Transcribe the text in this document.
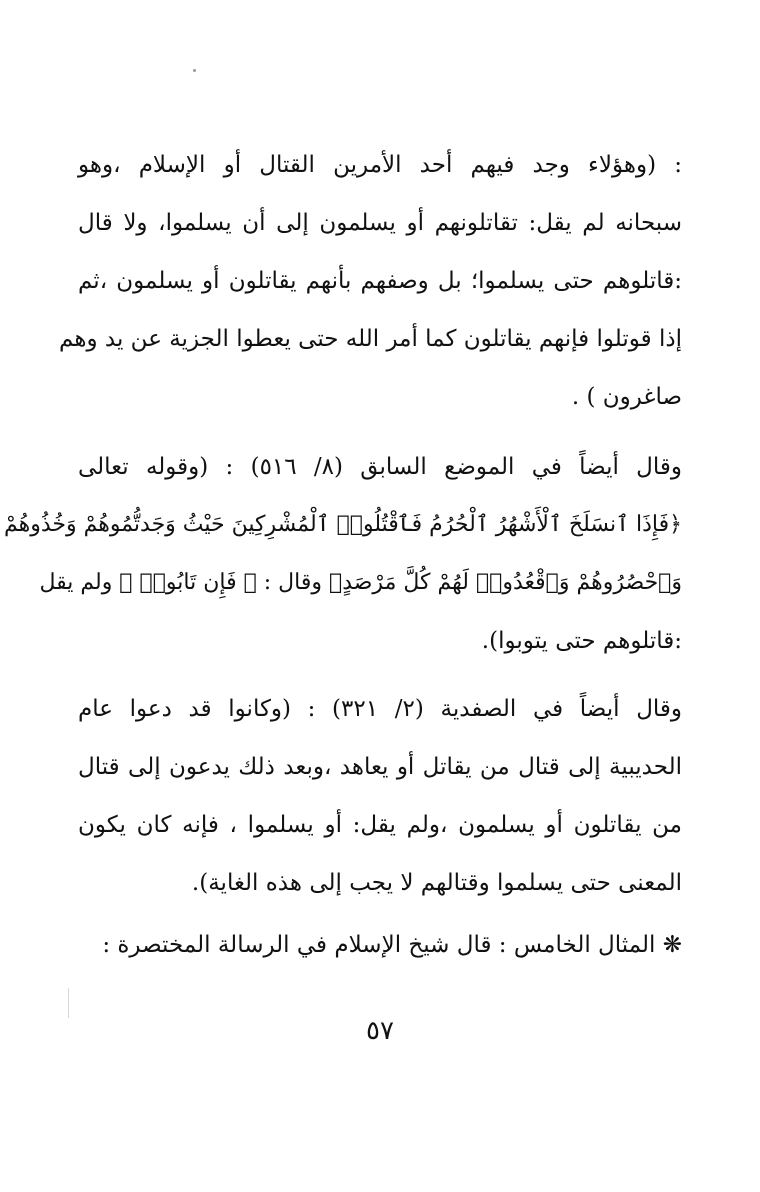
: (وهؤلاء وجد فيهم أحد الأمرين القتال أو الإسلام ،وهو
سبحانه لم يقل: تقاتلونهم أو يسلمون إلى أن يسلموا، ولا قال
:قاتلوهم حتى يسلموا؛ بل وصفهم بأنهم يقاتلون أو يسلمون ،ثم
إذا قوتلوا فإنهم يقاتلون كما أمر الله حتى يعطوا الجزية عن يد وهم
صاغرون ) .
وقال أيضاً في الموضع السابق (٨/ ٥١٦) : (وقوله تعالى
﴿فَإِذَا ٱنسَلَخَ ٱلْأَشْهُرُ ٱلْحُرُمُ فَٱقْتُلُوا۟ ٱلْمُشْرِكِينَ حَيْثُ وَجَدتُّمُوهُمْ وَخُذُوهُمْ
وَٱحْصُرُوهُمْ وَٱقْعُدُوا۟ لَهُمْ كُلَّ مَرْصَدٍ﴾ وقال : ﴿ فَإِن تَابُوا۟ ﴾ ولم يقل
:قاتلوهم حتى يتوبوا).
وقال أيضاً في الصفدية (٢/ ٣٢١) : (وكانوا قد دعوا عام
الحديبية إلى قتال من يقاتل أو يعاهد ،وبعد ذلك يدعون إلى قتال
من يقاتلون أو يسلمون ،ولم يقل: أو يسلموا ، فإنه كان يكون
المعنى حتى يسلموا وقتالهم لا يجب إلى هذه الغاية).
❋ المثال الخامس : قال شيخ الإسلام في الرسالة المختصرة :
٥٧
